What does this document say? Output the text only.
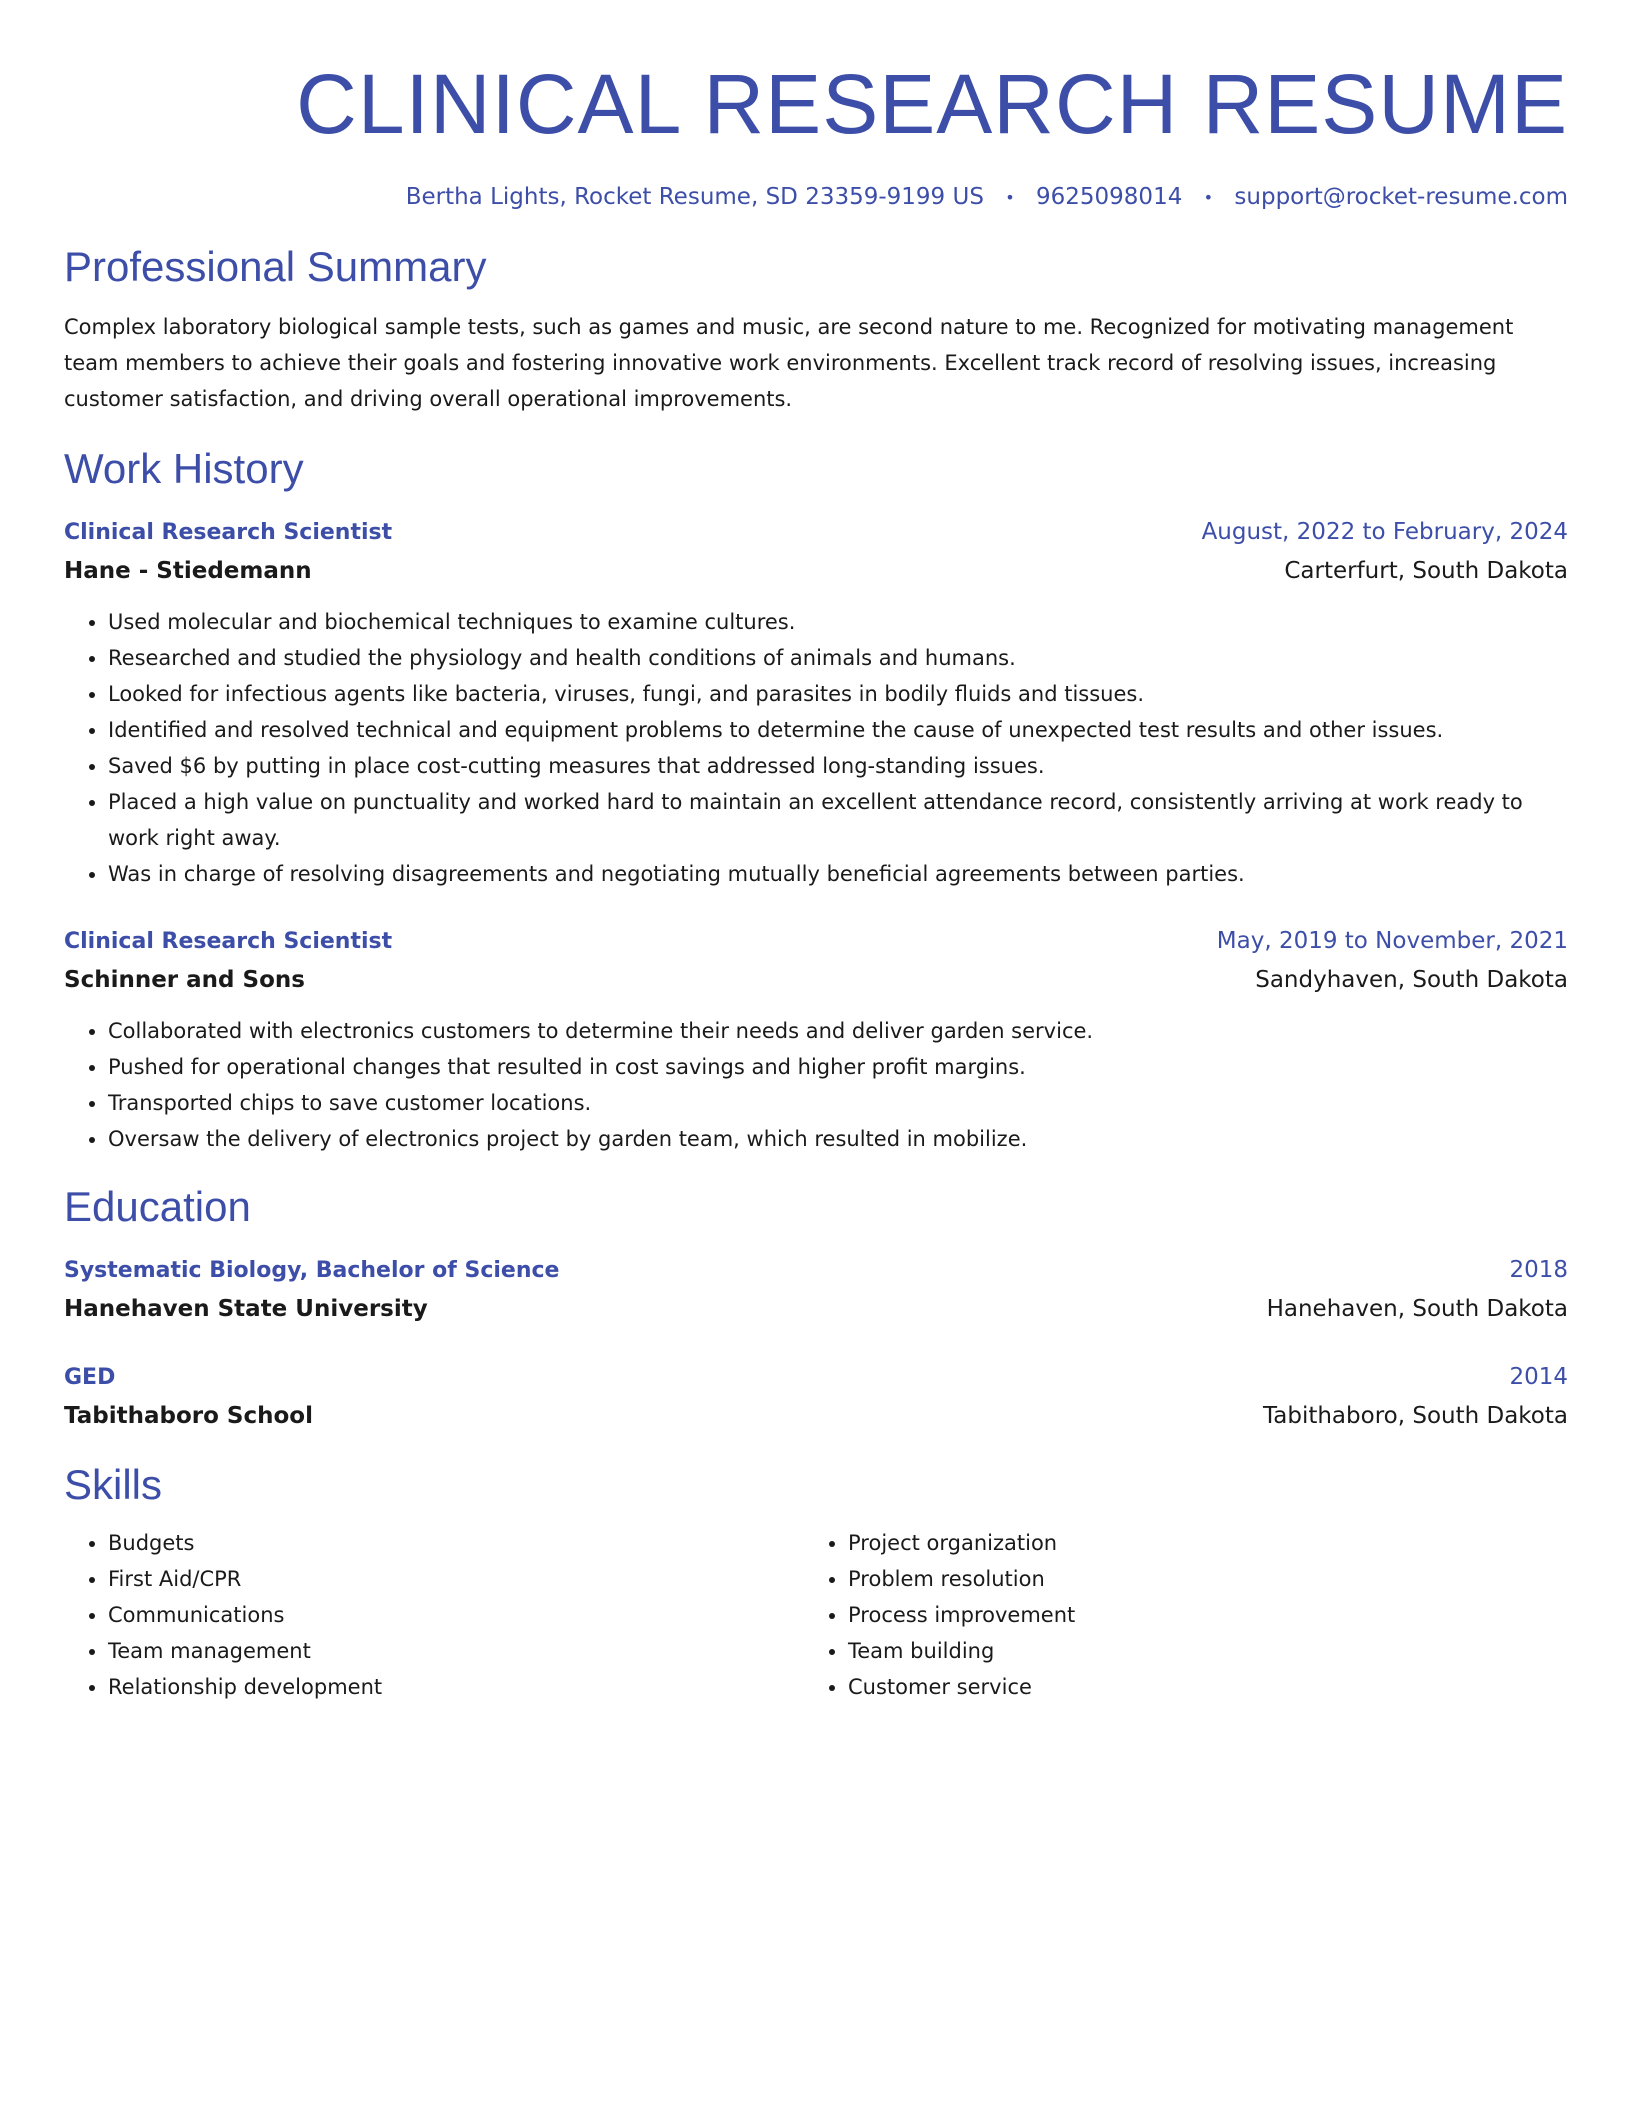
CLINICAL RESEARCH RESUME
Bertha Lights, Rocket Resume, SD 23359-9199 US • 9625098014 • support@rocket-resume.com
Professional Summary

Complex laboratory biological sample tests, such as games and music, are second nature to me. Recognized for motivating management team members to achieve their goals and fostering innovative work environments. Excellent track record of resolving issues, increasing customer satisfaction, and driving overall operational improvements.

Work History
Clinical Research Scientist	August, 2022 to February, 2024
Hane - Stiedemann	Carterfurt, South Dakota
• Used molecular and biochemical techniques to examine cultures.
• Researched and studied the physiology and health conditions of animals and humans.
• Looked for infectious agents like bacteria, viruses, fungi, and parasites in bodily fluids and tissues.
• Identified and resolved technical and equipment problems to determine the cause of unexpected test results and other issues.
• Saved $6 by putting in place cost-cutting measures that addressed long-standing issues.
• Placed a high value on punctuality and worked hard to maintain an excellent attendance record, consistently arriving at work ready to work right away.
• Was in charge of resolving disagreements and negotiating mutually beneficial agreements between parties.
Clinical Research Scientist	May, 2019 to November, 2021
Schinner and Sons	Sandyhaven, South Dakota
• Collaborated with electronics customers to determine their needs and deliver garden service.
• Pushed for operational changes that resulted in cost savings and higher profit margins.
• Transported chips to save customer locations.
• Oversaw the delivery of electronics project by garden team, which resulted in mobilize.
Education
Systematic Biology, Bachelor of Science	2018
Hanehaven State University	Hanehaven, South Dakota
GED	2014
Tabithaboro School	Tabithaboro, South Dakota
Skills
• Budgets
• First Aid/CPR
• Communications
• Team management
• Relationship development
• Project organization
• Problem resolution
• Process improvement
• Team building
• Customer service
